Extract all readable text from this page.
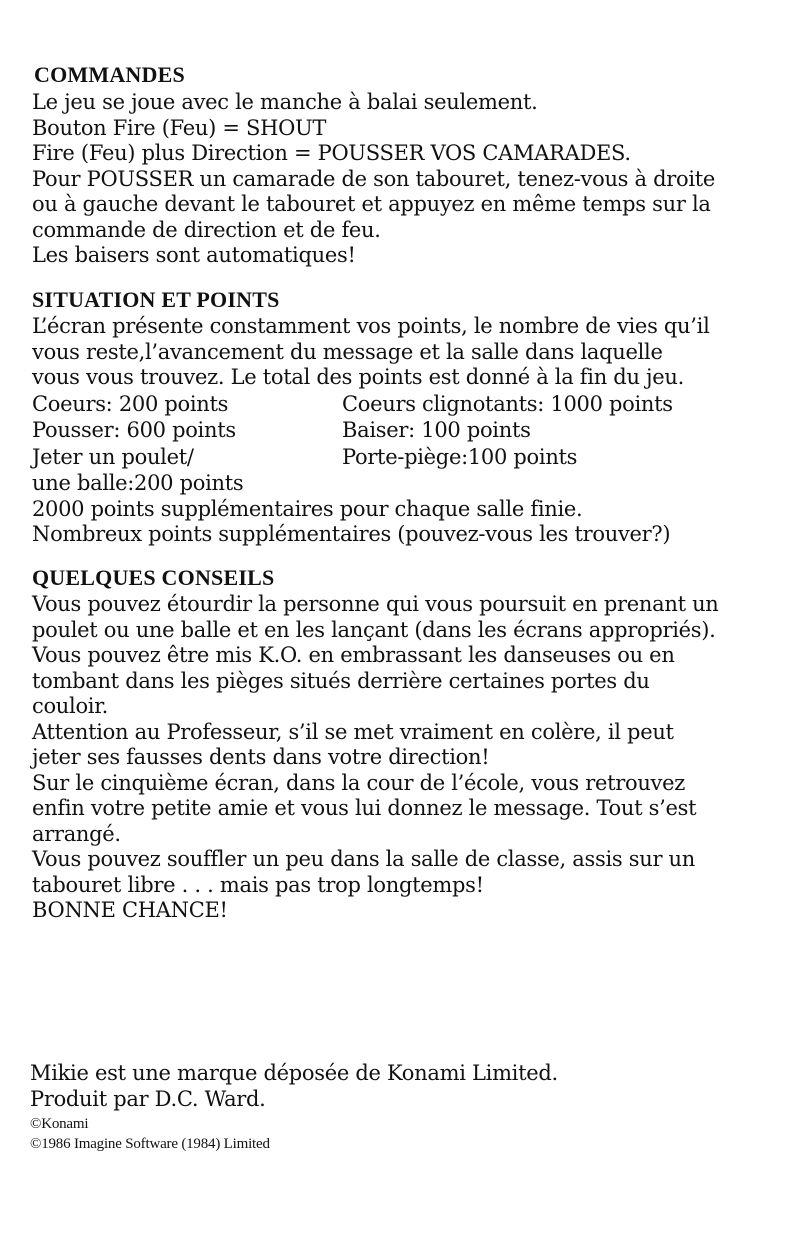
COMMANDES

Le jeu se joue avec le manche à balai seulement.

Bouton Fire (Feu) = SHOUT

Fire (Feu) plus Direction = POUSSER VOS CAMARADES.

Pour POUSSER un camarade de son tabouret, tenez-vous à droite

ou à gauche devant le tabouret et appuyez en même temps sur la

commande de direction et de feu.

Les baisers sont automatiques!

SITUATION ET POINTS

L’écran présente constamment vos points, le nombre de vies qu’il

vous reste,l’avancement du message et la salle dans laquelle

vous vous trouvez. Le total des points est donné à la fin du jeu.

Coeurs: 200 points	Coeurs clignotants: 1000 points
Pousser: 600 points	Baiser: 100 points
Jeter un poulet/	Porte-piège:100 points
une balle:200 points

2000 points supplémentaires pour chaque salle finie.

Nombreux points supplémentaires (pouvez-vous les trouver?)

QUELQUES CONSEILS

Vous pouvez étourdir la personne qui vous poursuit en prenant un

poulet ou une balle et en les lançant (dans les écrans appropriés).

Vous pouvez être mis K.O. en embrassant les danseuses ou en

tombant dans les pièges situés derrière certaines portes du

couloir.

Attention au Professeur, s’il se met vraiment en colère, il peut

jeter ses fausses dents dans votre direction!

Sur le cinquième écran, dans la cour de l’école, vous retrouvez

enfin votre petite amie et vous lui donnez le message. Tout s’est

arrangé.

Vous pouvez souffler un peu dans la salle de classe, assis sur un

tabouret libre . . . mais pas trop longtemps!

BONNE CHANCE!

Mikie est une marque déposée de Konami Limited.
Produit par D.C. Ward.
©Konami
©1986 Imagine Software (1984) Limited
